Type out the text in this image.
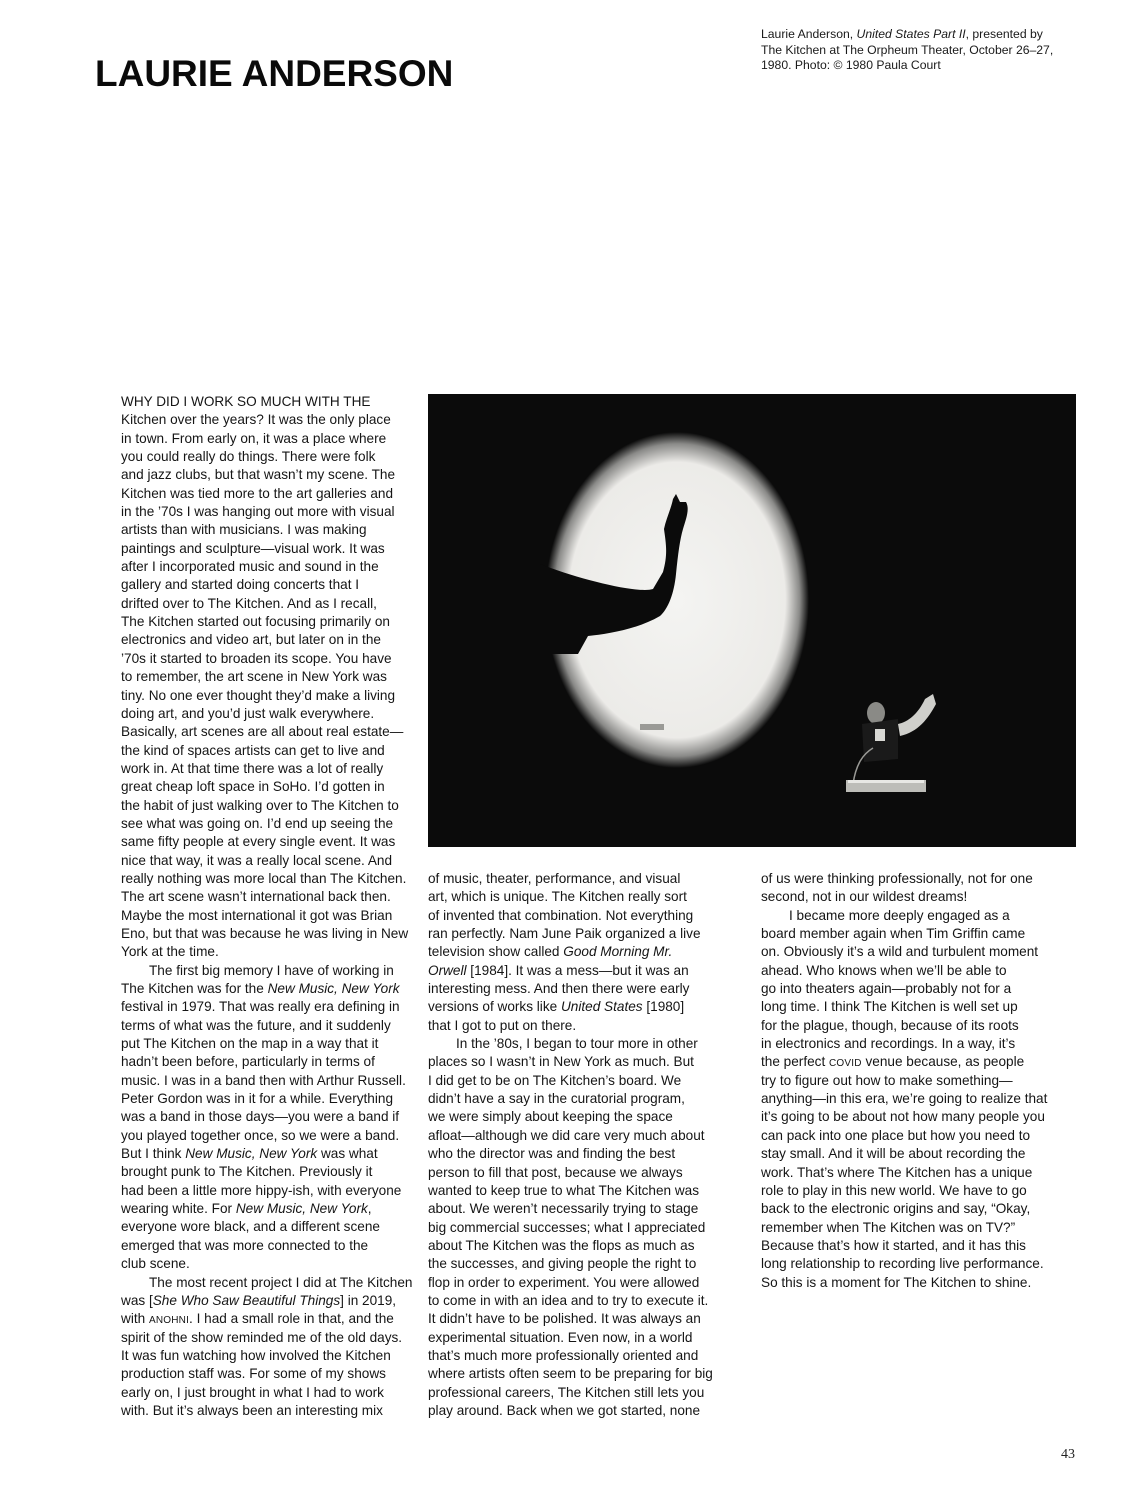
LAURIE ANDERSON
Laurie Anderson, United States Part II, presented by
The Kitchen at The Orpheum Theater, October 26–27,
1980. Photo: © 1980 Paula Court
WHY DID I WORK SO MUCH WITH THE
Kitchen over the years? It was the only place
in town. From early on, it was a place where
you could really do things. There were folk
and jazz clubs, but that wasn’t my scene. The
Kitchen was tied more to the art galleries and
in the ’70s I was hanging out more with visual
artists than with musicians. I was making
paintings and sculpture—visual work. It was
after I incorporated music and sound in the
gallery and started doing concerts that I
drifted over to The Kitchen. And as I recall,
The Kitchen started out focusing primarily on
electronics and video art, but later on in the
’70s it started to broaden its scope. You have
to remember, the art scene in New York was
tiny. No one ever thought they’d make a living
doing art, and you’d just walk everywhere.
Basically, art scenes are all about real estate—
the kind of spaces artists can get to live and
work in. At that time there was a lot of really
great cheap loft space in SoHo. I’d gotten in
the habit of just walking over to The Kitchen to
see what was going on. I’d end up seeing the
same fifty people at every single event. It was
nice that way, it was a really local scene. And
really nothing was more local than The Kitchen.
The art scene wasn’t international back then.
Maybe the most international it got was Brian
Eno, but that was because he was living in New
York at the time.
The first big memory I have of working in
The Kitchen was for the New Music, New York
festival in 1979. That was really era defining in
terms of what was the future, and it suddenly
put The Kitchen on the map in a way that it
hadn’t been before, particularly in terms of
music. I was in a band then with Arthur Russell.
Peter Gordon was in it for a while. Everything
was a band in those days—you were a band if
you played together once, so we were a band.
But I think New Music, New York was what
brought punk to The Kitchen. Previously it
had been a little more hippy-ish, with everyone
wearing white. For New Music, New York,
everyone wore black, and a different scene
emerged that was more connected to the
club scene.
The most recent project I did at The Kitchen
was [She Who Saw Beautiful Things] in 2019,
with ANOHNI. I had a small role in that, and the
spirit of the show reminded me of the old days.
It was fun watching how involved the Kitchen
production staff was. For some of my shows
early on, I just brought in what I had to work
with. But it’s always been an interesting mix
of music, theater, performance, and visual
art, which is unique. The Kitchen really sort
of invented that combination. Not everything
ran perfectly. Nam June Paik organized a live
television show called Good Morning Mr.
Orwell [1984]. It was a mess—but it was an
interesting mess. And then there were early
versions of works like United States [1980]
that I got to put on there.
In the ’80s, I began to tour more in other
places so I wasn’t in New York as much. But
I did get to be on The Kitchen’s board. We
didn’t have a say in the curatorial program,
we were simply about keeping the space
afloat—although we did care very much about
who the director was and finding the best
person to fill that post, because we always
wanted to keep true to what The Kitchen was
about. We weren’t necessarily trying to stage
big commercial successes; what I appreciated
about The Kitchen was the flops as much as
the successes, and giving people the right to
flop in order to experiment. You were allowed
to come in with an idea and to try to execute it.
It didn’t have to be polished. It was always an
experimental situation. Even now, in a world
that’s much more professionally oriented and
where artists often seem to be preparing for big
professional careers, The Kitchen still lets you
play around. Back when we got started, none
of us were thinking professionally, not for one
second, not in our wildest dreams!
I became more deeply engaged as a
board member again when Tim Griffin came
on. Obviously it’s a wild and turbulent moment
ahead. Who knows when we’ll be able to
go into theaters again—probably not for a
long time. I think The Kitchen is well set up
for the plague, though, because of its roots
in electronics and recordings. In a way, it’s
the perfect COVID venue because, as people
try to figure out how to make something—
anything—in this era, we’re going to realize that
it’s going to be about not how many people you
can pack into one place but how you need to
stay small. And it will be about recording the
work. That’s where The Kitchen has a unique
role to play in this new world. We have to go
back to the electronic origins and say, “Okay,
remember when The Kitchen was on TV?”
Because that’s how it started, and it has this
long relationship to recording live performance.
So this is a moment for The Kitchen to shine.
43
